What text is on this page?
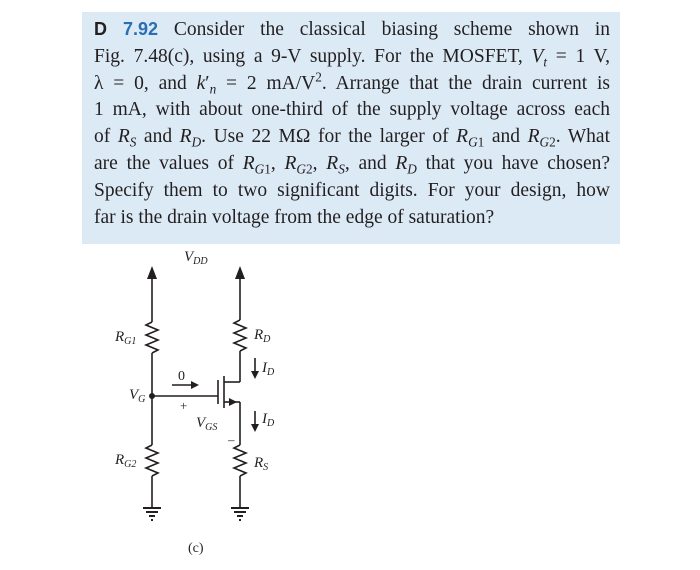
D 7.92 Consider the classical biasing scheme shown in
Fig. 7.48(c), using a 9-V supply. For the MOSFET, $V_t = 1$ V,
λ = 0, and $k'_n = 2$ $mA/V^2$. Arrange that the drain current is
1 mA, with about one-third of the supply voltage across each
of $R_S$ and $R_D$. Use 22 MΩ for the larger of $R_{G1}$ and $R_{G2}$. What
are the values of $R_{G1}$, $R_{G2}$, $R_S$, and $R_D$ that you have chosen?
Specify them to two significant digits. For your design, how
far is the drain voltage from the edge of saturation?
$V_{DD}$
$R_{G1}$
$V_G$
$R_{G2}$
$R_D$
$I_D$
$I_D$
$R_S$
$V_{GS}$
0
+
–
(c)
